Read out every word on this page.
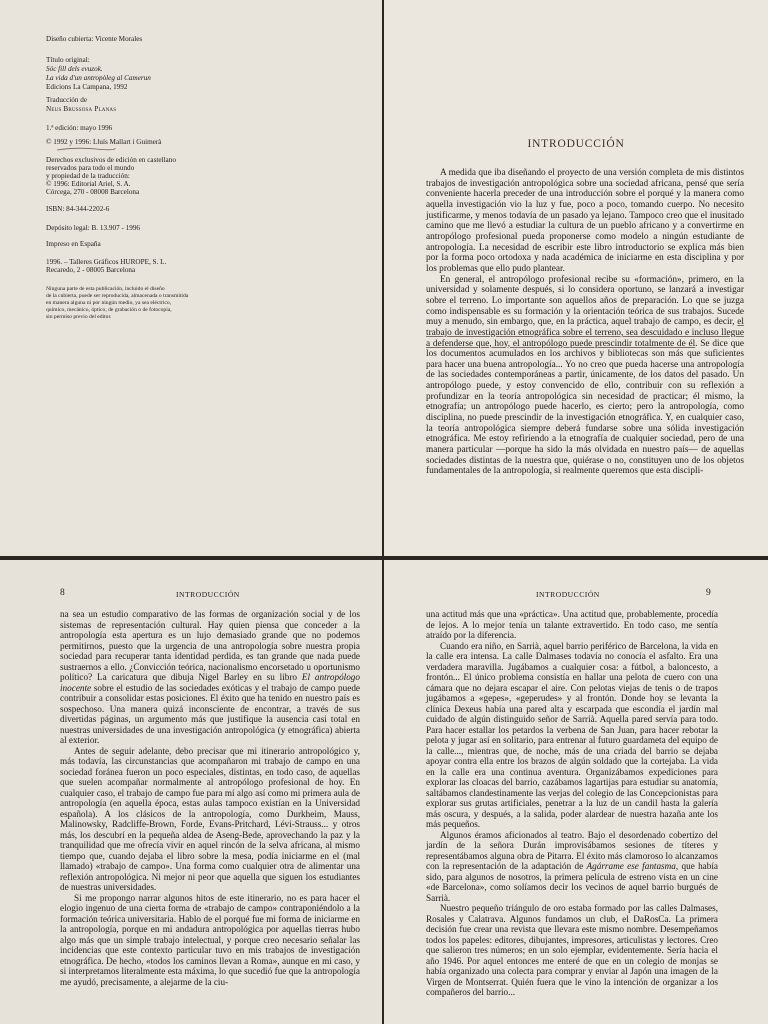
Diseño cubierta: Vicente Morales
Título original:
Sóc fill dels evuzok.
La vida d'un antropòleg al Camerun
Edicions La Campana, 1992
Traducción de
Neus Brussosa Planas
1.ª edición: mayo 1996
© 1992 y 1996: Lluís Mallart i Guimerà
Derechos exclusivos de edición en castellano
reservados para todo el mundo
y propiedad de la traducción:
© 1996: Editorial Ariel, S. A.
Córcega, 270 - 08008 Barcelona
ISBN: 84-344-2202-6
Depósito legal: B. 13.907 - 1996
Impreso en España
1996. – Talleres Gráficos HUROPE, S. L.
Recaredo, 2 - 08005 Barcelona
Ninguna parte de esta publicación, incluido el diseño
de la cubierta, puede ser reproducida, almacenada o transmitida
en manera alguna ni por ningún medio, ya sea eléctrico,
químico, mecánico, óptico, de grabación o de fotocopia,
sin permiso previo del editor.
INTRODUCCIÓN

A medida que iba diseñando el proyecto de una versión completa de mis distintos trabajos de investigación antropológica sobre una sociedad africana, pensé que sería conveniente hacerla preceder de una introducción sobre el porqué y la manera como aquella investigación vio la luz y fue, poco a poco, tomando cuerpo. No necesito justificarme, y menos todavía de un pasado ya lejano. Tampoco creo que el inusitado camino que me llevó a estudiar la cultura de un pueblo africano y a convertirme en antropólogo profesional pueda proponerse como modelo a ningún estudiante de antropología. La necesidad de escribir este libro introductorio se explica más bien por la forma poco ortodoxa y nada académica de iniciarme en esta disciplina y por los problemas que ello pudo plantear.

En general, el antropólogo profesional recibe su «formación», primero, en la universidad y solamente después, si lo considera oportuno, se lanzará a investigar sobre el terreno. Lo importante son aquellos años de preparación. Lo que se juzga como indispensable es su formación y la orientación teórica de sus trabajos. Sucede muy a menudo, sin embargo, que, en la práctica, aquel trabajo de campo, es decir, el trabajo de investigación etnográfica sobre el terreno, sea descuidado e incluso llegue a defenderse que, hoy, el antropólogo puede prescindir totalmente de él. Se dice que los documentos acumulados en los archivos y bibliotecas son más que suficientes para hacer una buena antropología... Yo no creo que pueda hacerse una antropología de las sociedades contemporáneas a partir, únicamente, de los datos del pasado. Un antropólogo puede, y estoy convencido de ello, contribuir con su reflexión a profundizar en la teoría antropológica sin necesidad de practicar; él mismo, la etnografía; un antropólogo puede hacerlo, es cierto; pero la antropología, como disciplina, no puede prescindir de la investigación etnográfica. Y, en cualquier caso, la teoría antropológica siempre deberá fundarse sobre una sólida investigación etnográfica. Me estoy refiriendo a la etnografía de cualquier sociedad, pero de una manera particular —porque ha sido la más olvidada en nuestro país— de aquellas sociedades distintas de la nuestra que, quiérase o no, constituyen uno de los objetos fundamentales de la antropología, si realmente queremos que esta discipli-

8	INTRODUCCIÓN

na sea un estudio comparativo de las formas de organización social y de los sistemas de representación cultural. Hay quien piensa que conceder a la antropología esta apertura es un lujo demasiado grande que no podemos permitirnos, puesto que la urgencia de una antropología sobre nuestra propia sociedad para recuperar tanta identidad perdida, es tan grande que nada puede sustraernos a ello. ¿Convicción teórica, nacionalismo encorsetado u oportunismo político? La caricatura que dibuja Nigel Barley en su libro El antropólogo inocente sobre el estudio de las sociedades exóticas y el trabajo de campo puede contribuir a consolidar estas posiciones. El éxito que ha tenido en nuestro país es sospechoso. Una manera quizá inconsciente de encontrar, a través de sus divertidas páginas, un argumento más que justifique la ausencia casi total en nuestras universidades de una investigación antropológica (y etnográfica) abierta al exterior.

Antes de seguir adelante, debo precisar que mi itinerario antropológico y, más todavía, las circunstancias que acompañaron mi trabajo de campo en una sociedad foránea fueron un poco especiales, distintas, en todo caso, de aquellas que suelen acompañar normalmente al antropólogo profesional de hoy. En cualquier caso, el trabajo de campo fue para mí algo así como mi primera aula de antropología (en aquella época, estas aulas tampoco existían en la Universidad española). A los clásicos de la antropología, como Durkheim, Mauss, Malinowsky, Radcliffe-Brown, Forde, Evans-Pritchard, Lévi-Strauss... y otros más, los descubrí en la pequeña aldea de Aseng-Bede, aprovechando la paz y la tranquilidad que me ofrecía vivir en aquel rincón de la selva africana, al mismo tiempo que, cuando dejaba el libro sobre la mesa, podía iniciarme en el (mal llamado) «trabajo de campo». Una forma como cualquier otra de alimentar una reflexión antropológica. Ni mejor ni peor que aquella que siguen los estudiantes de nuestras universidades.

Si me propongo narrar algunos hitos de este itinerario, no es para hacer el elogio ingenuo de una cierta forma de «trabajo de campo» contraponiéndolo a la formación teórica universitaria. Hablo de el porqué fue mi forma de iniciarme en la antropología, porque en mi andadura antropológica por aquellas tierras hubo algo más que un simple trabajo intelectual, y porque creo necesario señalar las incidencias que este contexto particular tuvo en mis trabajos de investigación etnográfica. De hecho, «todos los caminos llevan a Roma», aunque en mi caso, y si interpretamos literalmente esta máxima, lo que sucedió fue que la antropología me ayudó, precisamente, a alejarme de la ciu-

INTRODUCCIÓN	9

una actitud más que una «práctica». Una actitud que, probablemente, procedía de lejos. A lo mejor tenía un talante extravertido. En todo caso, me sentía atraído por la diferencia.

Cuando era niño, en Sarrià, aquel barrio periférico de Barcelona, la vida en la calle era intensa. La calle Dalmases todavía no conocía el asfalto. Era una verdadera maravilla. Jugábamos a cualquier cosa: a fútbol, a baloncesto, a frontón... El único problema consistía en hallar una pelota de cuero con una cámara que no dejara escapar el aire. Con pelotas viejas de tenis o de trapos jugábamos a «gepes», «geperudes» y al frontón. Donde hoy se levanta la clínica Dexeus había una pared alta y escarpada que escondía el jardín mal cuidado de algún distinguido señor de Sarrià. Aquella pared servía para todo. Para hacer estallar los petardos la verbena de San Juan, para hacer rebotar la pelota y jugar así en solitario, para entrenar al futuro guardameta del equipo de la calle..., mientras que, de noche, más de una criada del barrio se dejaba apoyar contra ella entre los brazos de algún soldado que la cortejaba. La vida en la calle era una continua aventura. Organizábamos expediciones para explorar las cloacas del barrio, cazábamos lagartijas para estudiar su anatomía, saltábamos clandestinamente las verjas del colegio de las Concepcionistas para explorar sus grutas artificiales, penetrar a la luz de un candil hasta la galería más oscura, y después, a la salida, poder alardear de nuestra hazaña ante los más pequeños.

Algunos éramos aficionados al teatro. Bajo el desordenado cobertizo del jardín de la señora Durán improvisábamos sesiones de títeres y representábamos alguna obra de Pitarra. El éxito más clamoroso lo alcanzamos con la representación de la adaptación de Agárrame ese fantasma, que había sido, para algunos de nosotros, la primera película de estreno vista en un cine «de Barcelona», como solíamos decir los vecinos de aquel barrio burgués de Sarrià.

Nuestro pequeño triángulo de oro estaba formado por las calles Dalmases, Rosales y Calatrava. Algunos fundamos un club, el DaRosCa. La primera decisión fue crear una revista que llevara este mismo nombre. Desempeñamos todos los papeles: editores, dibujantes, impresores, articulistas y lectores. Creo que salieron tres números; en un solo ejemplar, evidentemente. Sería hacia el año 1946. Por aquel entonces me enteré de que en un colegio de monjas se había organizado una colecta para comprar y enviar al Japón una imagen de la Virgen de Montserrat. Quién fuera que le vino la intención de organizar a los compañeros del barrio...
